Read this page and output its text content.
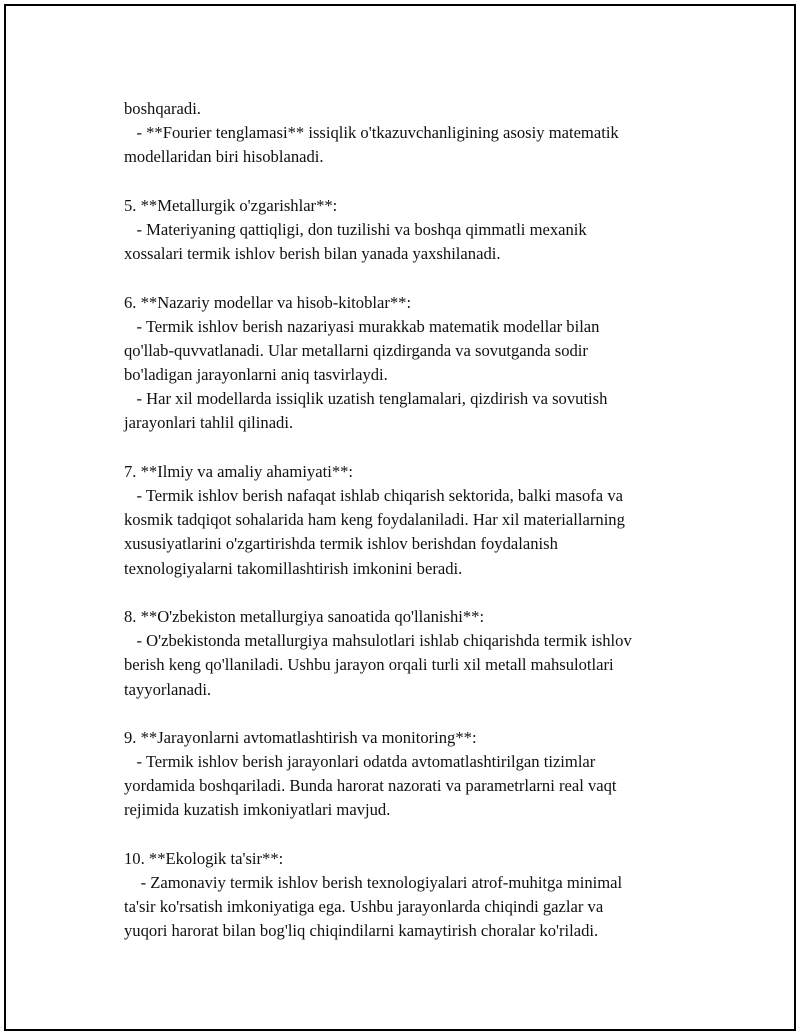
boshqaradi.
- **Fourier tenglamasi** issiqlik o'tkazuvchanligining asosiy matematik
modellaridan biri hisoblanadi.
5. **Metallurgik o'zgarishlar**:
- Materiyaning qattiqligi, don tuzilishi va boshqa qimmatli mexanik
xossalari termik ishlov berish bilan yanada yaxshilanadi.
6. **Nazariy modellar va hisob-kitoblar**:
- Termik ishlov berish nazariyasi murakkab matematik modellar bilan
qo'llab-quvvatlanadi. Ular metallarni qizdirganda va sovutganda sodir
bo'ladigan jarayonlarni aniq tasvirlaydi.
- Har xil modellarda issiqlik uzatish tenglamalari, qizdirish va sovutish
jarayonlari tahlil qilinadi.
7. **Ilmiy va amaliy ahamiyati**:
- Termik ishlov berish nafaqat ishlab chiqarish sektorida, balki masofa va
kosmik tadqiqot sohalarida ham keng foydalaniladi. Har xil materiallarning
xususiyatlarini o'zgartirishda termik ishlov berishdan foydalanish
texnologiyalarni takomillashtirish imkonini beradi.
8. **O'zbekiston metallurgiya sanoatida qo'llanishi**:
- O'zbekistonda metallurgiya mahsulotlari ishlab chiqarishda termik ishlov
berish keng qo'llaniladi. Ushbu jarayon orqali turli xil metall mahsulotlari
tayyorlanadi.
9. **Jarayonlarni avtomatlashtirish va monitoring**:
- Termik ishlov berish jarayonlari odatda avtomatlashtirilgan tizimlar
yordamida boshqariladi. Bunda harorat nazorati va parametrlarni real vaqt
rejimida kuzatish imkoniyatlari mavjud.
10. **Ekologik ta'sir**:
- Zamonaviy termik ishlov berish texnologiyalari atrof-muhitga minimal
ta'sir ko'rsatish imkoniyatiga ega. Ushbu jarayonlarda chiqindi gazlar va
yuqori harorat bilan bog'liq chiqindilarni kamaytirish choralar ko'riladi.
